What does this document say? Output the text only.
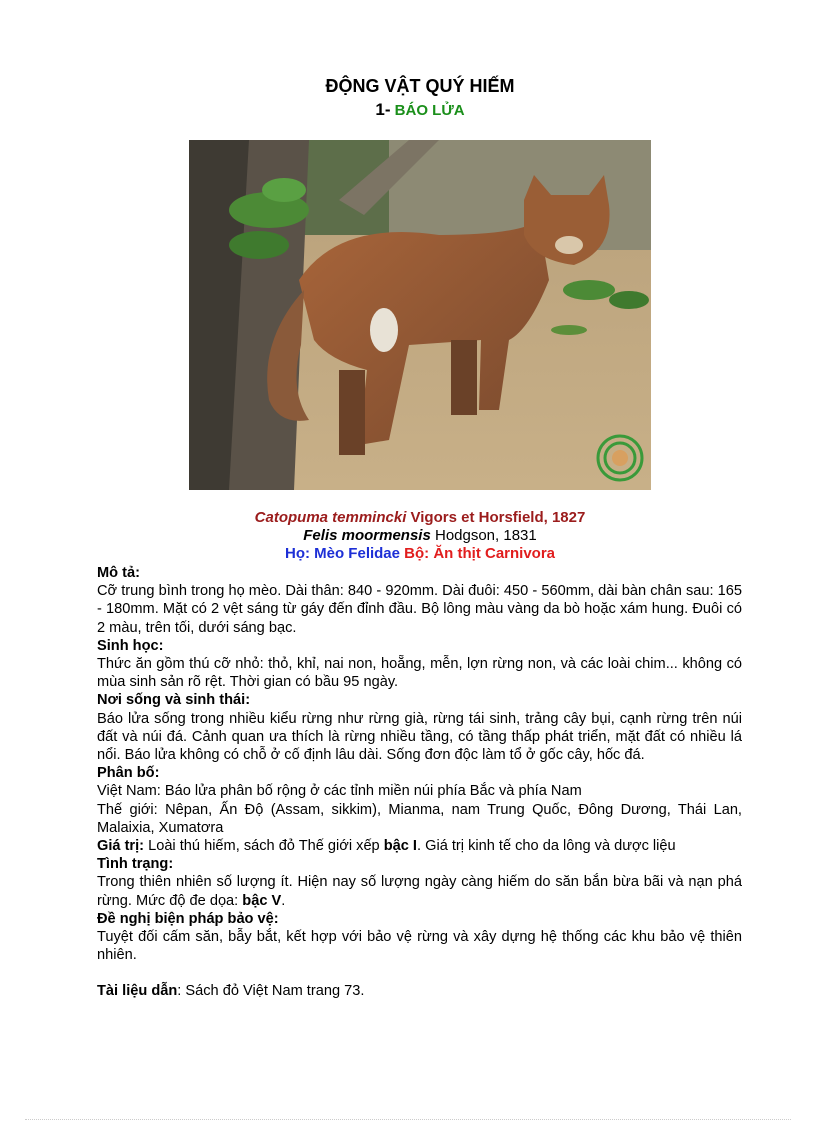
ĐỘNG VẬT QUÝ HIẾM
1- BÁO LỬA
Catopuma temmincki Vigors et Horsfield, 1827
Felis moormensis Hodgson, 1831
Họ: Mèo Felidae Bộ: Ăn thịt Carnivora
Mô tả:
Cỡ trung bình trong họ mèo. Dài thân: 840 - 920mm. Dài đuôi: 450 - 560mm, dài bàn chân sau: 165 - 180mm. Mặt có 2 vệt sáng từ gáy đến đỉnh đầu. Bộ lông màu vàng da bò hoặc xám hung. Đuôi có 2 màu, trên tối, dưới sáng bạc.
Sinh học:
Thức ăn gồm thú cỡ nhỏ: thỏ, khỉ, nai non, hoẵng, mễn, lợn rừng non, và các loài chim... không có mùa sinh sản rõ rệt. Thời gian có bầu 95 ngày.
Nơi sống và sinh thái:
Báo lửa sống trong nhiều kiểu rừng như rừng già, rừng tái sinh, trảng cây bụi, cạnh rừng trên núi đất và núi đá. Cảnh quan ưa thích là rừng nhiều tầng, có tầng thấp phát triển, mặt đất có nhiều lá nổi. Báo lửa không có chỗ ở cố định lâu dài. Sống đơn độc làm tổ ở gốc cây, hốc đá.
Phân bố:
Việt Nam: Báo lửa phân bố rộng ở các tỉnh miền núi phía Bắc và phía Nam
Thế giới: Nêpan, Ấn Độ (Assam, sikkim), Mianma, nam Trung Quốc, Đông Dương, Thái Lan, Malaixia, Xumatơra
Giá trị: Loài thú hiếm, sách đỏ Thế giới xếp bậc I. Giá trị kinh tế cho da lông và dược liệu
Tình trạng:
Trong thiên nhiên số lượng ít. Hiện nay số lượng ngày càng hiếm do săn bắn bừa bãi và nạn phá rừng. Mức độ đe dọa: bậc V.
Đề nghị biện pháp bảo vệ:
Tuyệt đối cấm săn, bẫy bắt, kết hợp với bảo vệ rừng và xây dựng hệ thống các khu bảo vệ thiên nhiên.
Tài liệu dẫn: Sách đỏ Việt Nam trang 73.
